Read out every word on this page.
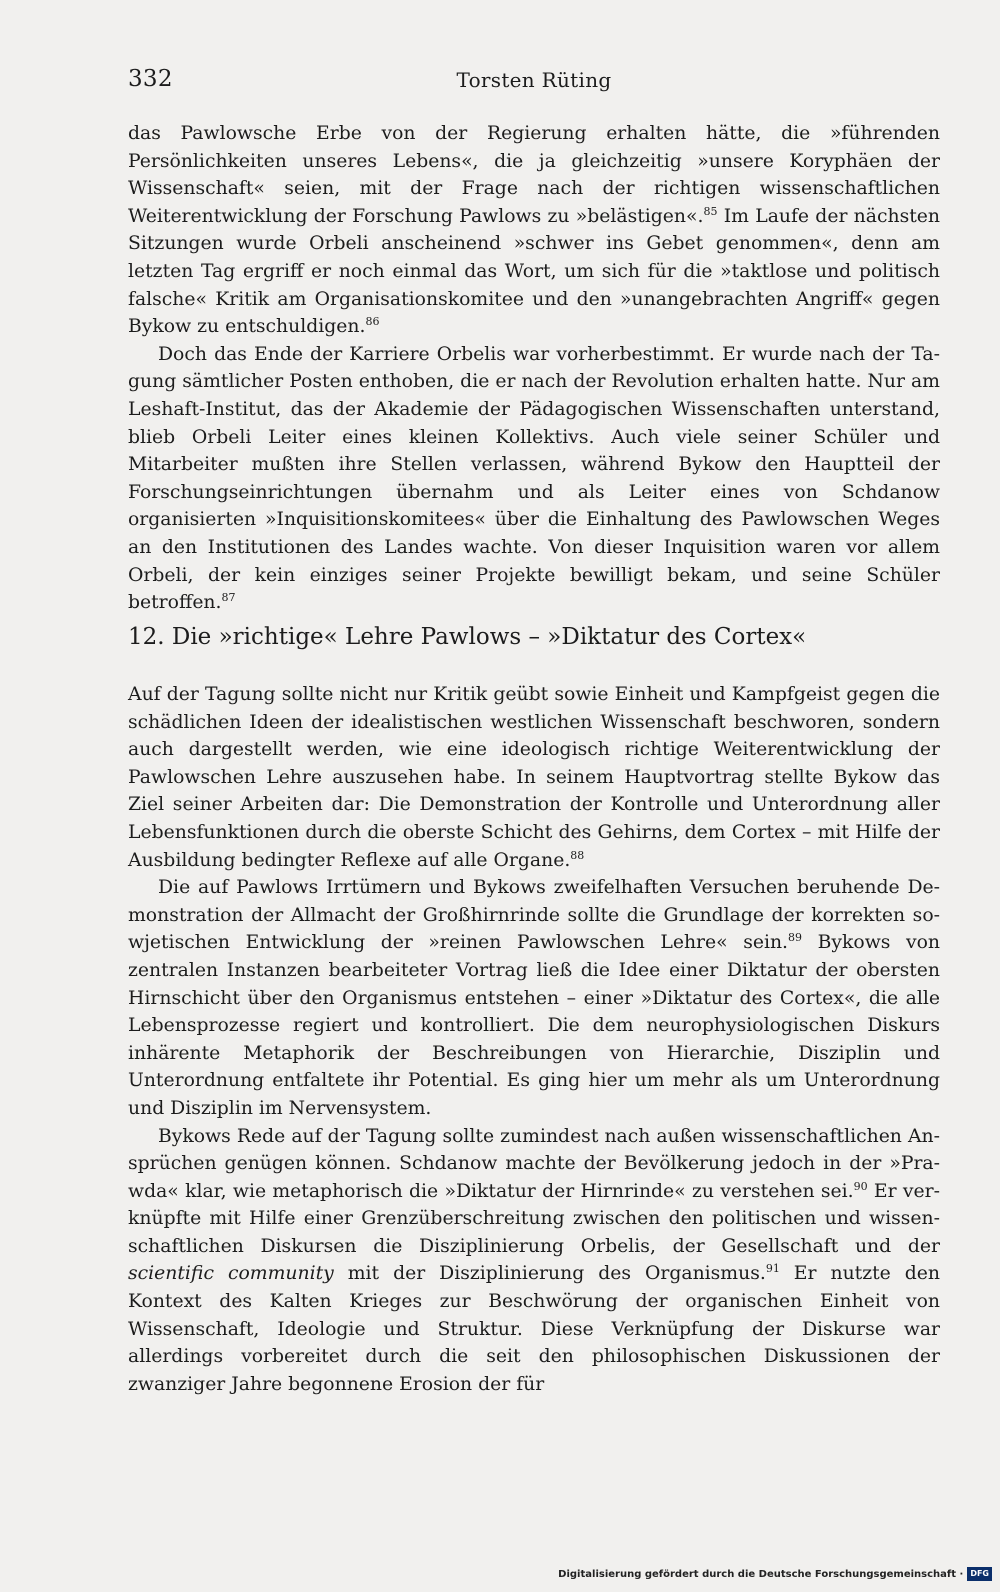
332	Torsten Rüting

das Pawlowsche Erbe von der Regierung erhalten hätte, die »führenden Persönlichkeiten unseres Lebens«, die ja gleichzeitig »unsere Koryphäen der Wissenschaft« seien, mit der Frage nach der richtigen wissenschaftlichen Weiterentwicklung der Forschung Pawlows zu »belästigen«.$^{85}$ Im Laufe der nächsten Sitzungen wurde Orbeli anscheinend »schwer ins Gebet genommen«, denn am letzten Tag ergriff er noch einmal das Wort, um sich für die »taktlose und politisch falsche« Kritik am Organisationskomitee und den »unangebrachten Angriff« gegen Bykow zu entschuldigen.$^{86}$

Doch das Ende der Karriere Orbelis war vorherbestimmt. Er wurde nach der Tagung sämtlicher Posten enthoben, die er nach der Revolution erhalten hatte. Nur am Leshaft-Institut, das der Akademie der Pädagogischen Wissenschaften unterstand, blieb Orbeli Leiter eines kleinen Kollektivs. Auch viele seiner Schüler und Mitarbeiter mußten ihre Stellen verlassen, während Bykow den Hauptteil der Forschungseinrichtungen übernahm und als Leiter eines von Schdanow organisierten »Inquisitionskomitees« über die Einhaltung des Pawlowschen Weges an den Institutionen des Landes wachte. Von dieser Inquisition waren vor allem Orbeli, der kein einziges seiner Projekte bewilligt bekam, und seine Schüler betroffen.$^{87}$

12. Die »richtige« Lehre Pawlows – »Diktatur des Cortex«

Auf der Tagung sollte nicht nur Kritik geübt sowie Einheit und Kampfgeist gegen die schädlichen Ideen der idealistischen westlichen Wissenschaft beschworen, sondern auch dargestellt werden, wie eine ideologisch richtige Weiterentwicklung der Pawlowschen Lehre auszusehen habe. In seinem Hauptvortrag stellte Bykow das Ziel seiner Arbeiten dar: Die Demonstration der Kontrolle und Unterordnung aller Lebensfunktionen durch die oberste Schicht des Gehirns, dem Cortex – mit Hilfe der Ausbildung bedingter Reflexe auf alle Organe.$^{88}$

Die auf Pawlows Irrtümern und Bykows zweifelhaften Versuchen beruhende Demonstration der Allmacht der Großhirnrinde sollte die Grundlage der korrekten sowjetischen Entwicklung der »reinen Pawlowschen Lehre« sein.$^{89}$ Bykows von zentralen Instanzen bearbeiteter Vortrag ließ die Idee einer Diktatur der obersten Hirnschicht über den Organismus entstehen – einer »Diktatur des Cortex«, die alle Lebensprozesse regiert und kontrolliert. Die dem neurophysiologischen Diskurs inhärente Metaphorik der Beschreibungen von Hierarchie, Disziplin und Unterordnung entfaltete ihr Potential. Es ging hier um mehr als um Unterordnung und Disziplin im Nervensystem.

Bykows Rede auf der Tagung sollte zumindest nach außen wissenschaftlichen Ansprüchen genügen können. Schdanow machte der Bevölkerung jedoch in der »Prawda« klar, wie metaphorisch die »Diktatur der Hirnrinde« zu verstehen sei.$^{90}$ Er verknüpfte mit Hilfe einer Grenzüberschreitung zwischen den politischen und wissenschaftlichen Diskursen die Disziplinierung Orbelis, der Gesellschaft und der scientific community mit der Disziplinierung des Organismus.$^{91}$ Er nutzte den Kontext des Kalten Krieges zur Beschwörung der organischen Einheit von Wissenschaft, Ideologie und Struktur. Diese Verknüpfung der Diskurse war allerdings vorbereitet durch die seit den philosophischen Diskussionen der zwanziger Jahre begonnene Erosion der für

Digitalisierung gefördert durch die Deutsche Forschungsgemeinschaft · DFG
